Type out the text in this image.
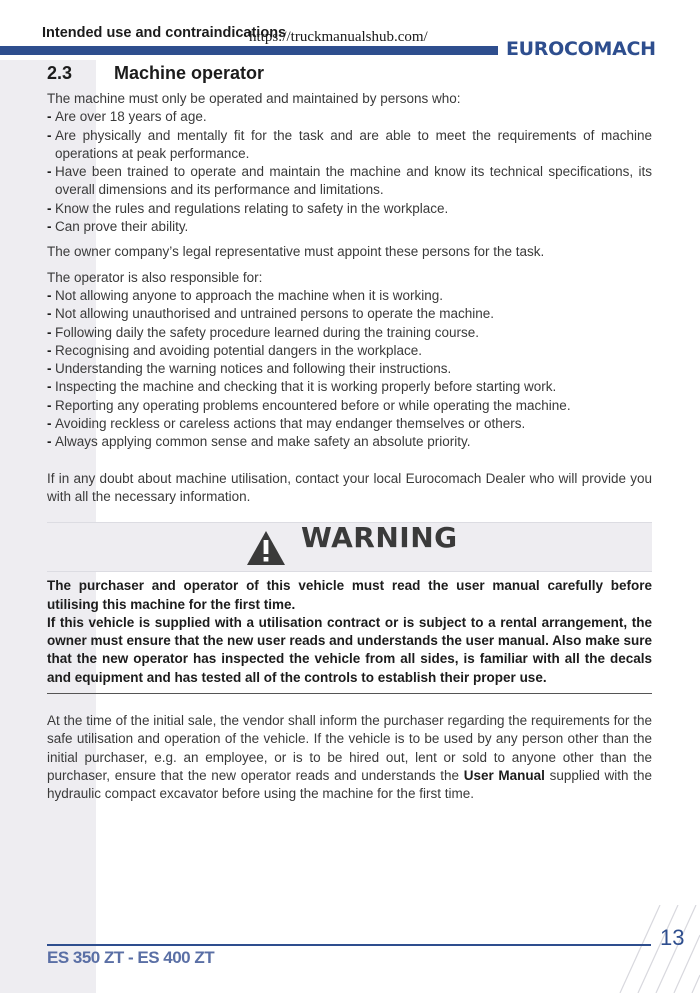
Intended use and contraindications
https://truckmanualshub.com/
EUROCOMACH
2.3 Machine operator

The machine must only be operated and maintained by persons who:

- Are over 18 years of age.
- Are physically and mentally fit for the task and are able to meet the requirements of machine operations at peak performance.
- Have been trained to operate and maintain the machine and know its technical specifications, its overall dimensions and its performance and limitations.
- Know the rules and regulations relating to safety in the workplace.
- Can prove their ability.

The owner company’s legal representative must appoint these persons for the task.

The operator is also responsible for:

- Not allowing anyone to approach the machine when it is working.
- Not allowing unauthorised and untrained persons to operate the machine.
- Following daily the safety procedure learned during the training course.
- Recognising and avoiding potential dangers in the workplace.
- Understanding the warning notices and following their instructions.
- Inspecting the machine and checking that it is working properly before starting work.
- Reporting any operating problems encountered before or while operating the machine.
- Avoiding reckless or careless actions that may endanger themselves or others.
- Always applying common sense and make safety an absolute priority.

If in any doubt about machine utilisation, contact your local Eurocomach Dealer who will provide you with all the necessary information.

WARNING

The purchaser and operator of this vehicle must read the user manual carefully before utilising this machine for the first time.

If this vehicle is supplied with a utilisation contract or is subject to a rental arrangement, the owner must ensure that the new user reads and understands the user manual. Also make sure that the new operator has inspected the vehicle from all sides, is familiar with all the decals and equipment and has tested all of the controls to establish their proper use.

At the time of the initial sale, the vendor shall inform the purchaser regarding the requirements for the safe utilisation and operation of the vehicle. If the vehicle is to be used by any person other than the initial purchaser, e.g. an employee, or is to be hired out, lent or sold to anyone other than the purchaser, ensure that the new operator reads and understands the User Manual supplied with the hydraulic compact excavator before using the machine for the first time.

ES 350 ZT - ES 400 ZT
13
